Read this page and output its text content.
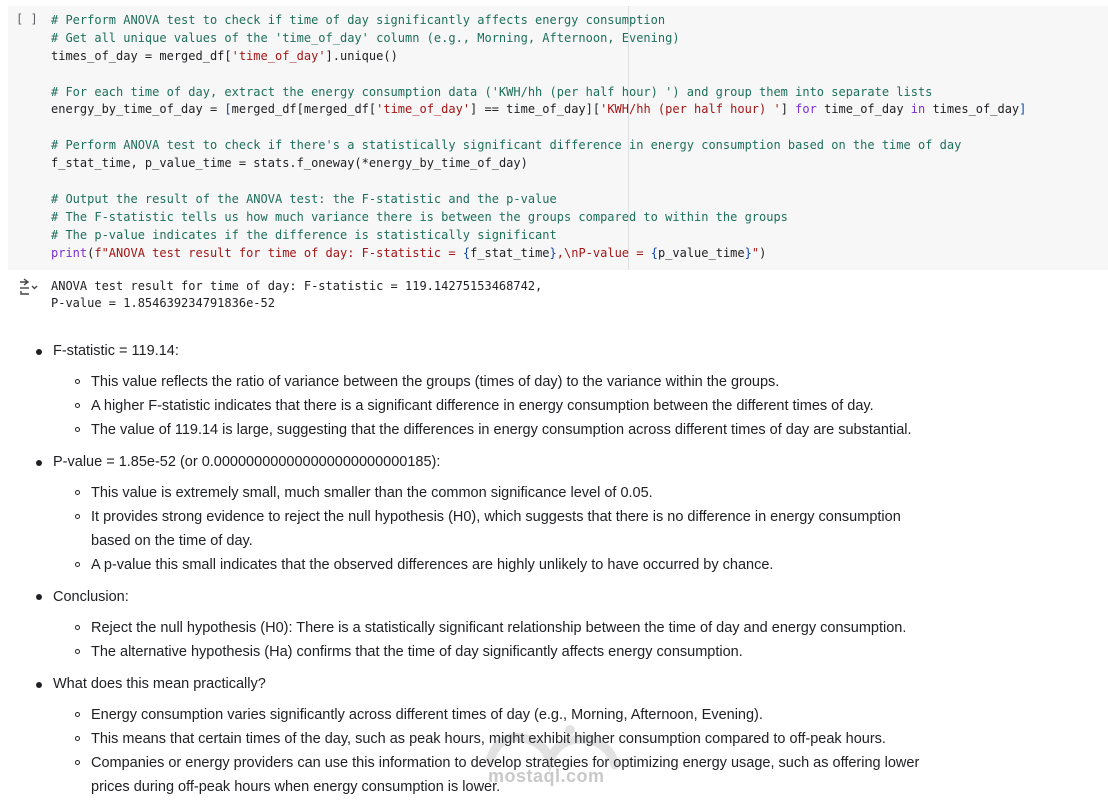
[ ] # Perform ANOVA test to check if time of day significantly affects energy consumption
# Get all unique values of the 'time_of_day' column (e.g., Morning, Afternoon, Evening)
times_of_day = merged_df['time_of_day'].unique()
# For each time of day, extract the energy consumption data ('KWH/hh (per half hour) ') and group them into separate lists
energy_by_time_of_day = [merged_df[merged_df['time_of_day'] == time_of_day]['KWH/hh (per half hour) '] for time_of_day in times_of_day]
# Perform ANOVA test to check if there's a statistically significant difference in energy consumption based on the time of day
f_stat_time, p_value_time = stats.f_oneway(*energy_by_time_of_day)
# Output the result of the ANOVA test: the F-statistic and the p-value
# The F-statistic tells us how much variance there is between the groups compared to within the groups
# The p-value indicates if the difference is statistically significant
print(f"ANOVA test result for time of day: F-statistic = {f_stat_time},\nP-value = {p_value_time}")
ANOVA test result for time of day: F-statistic = 119.14275153468742,
P-value = 1.854639234791836e-52
F-statistic = 119.14:
This value reflects the ratio of variance between the groups (times of day) to the variance within the groups.
A higher F-statistic indicates that there is a significant difference in energy consumption between the different times of day.
The value of 119.14 is large, suggesting that the differences in energy consumption across different times of day are substantial.
P-value = 1.85e-52 (or 0.000000000000000000000000185):
This value is extremely small, much smaller than the common significance level of 0.05.
It provides strong evidence to reject the null hypothesis (H0), which suggests that there is no difference in energy consumption
based on the time of day.
A p-value this small indicates that the observed differences are highly unlikely to have occurred by chance.
Conclusion:
Reject the null hypothesis (H0): There is a statistically significant relationship between the time of day and energy consumption.
The alternative hypothesis (Ha) confirms that the time of day significantly affects energy consumption.
What does this mean practically?
Energy consumption varies significantly across different times of day (e.g., Morning, Afternoon, Evening).
This means that certain times of the day, such as peak hours, might exhibit higher consumption compared to off-peak hours.
Companies or energy providers can use this information to develop strategies for optimizing energy usage, such as offering lower
prices during off-peak hours when energy consumption is lower.
mostaql.com
